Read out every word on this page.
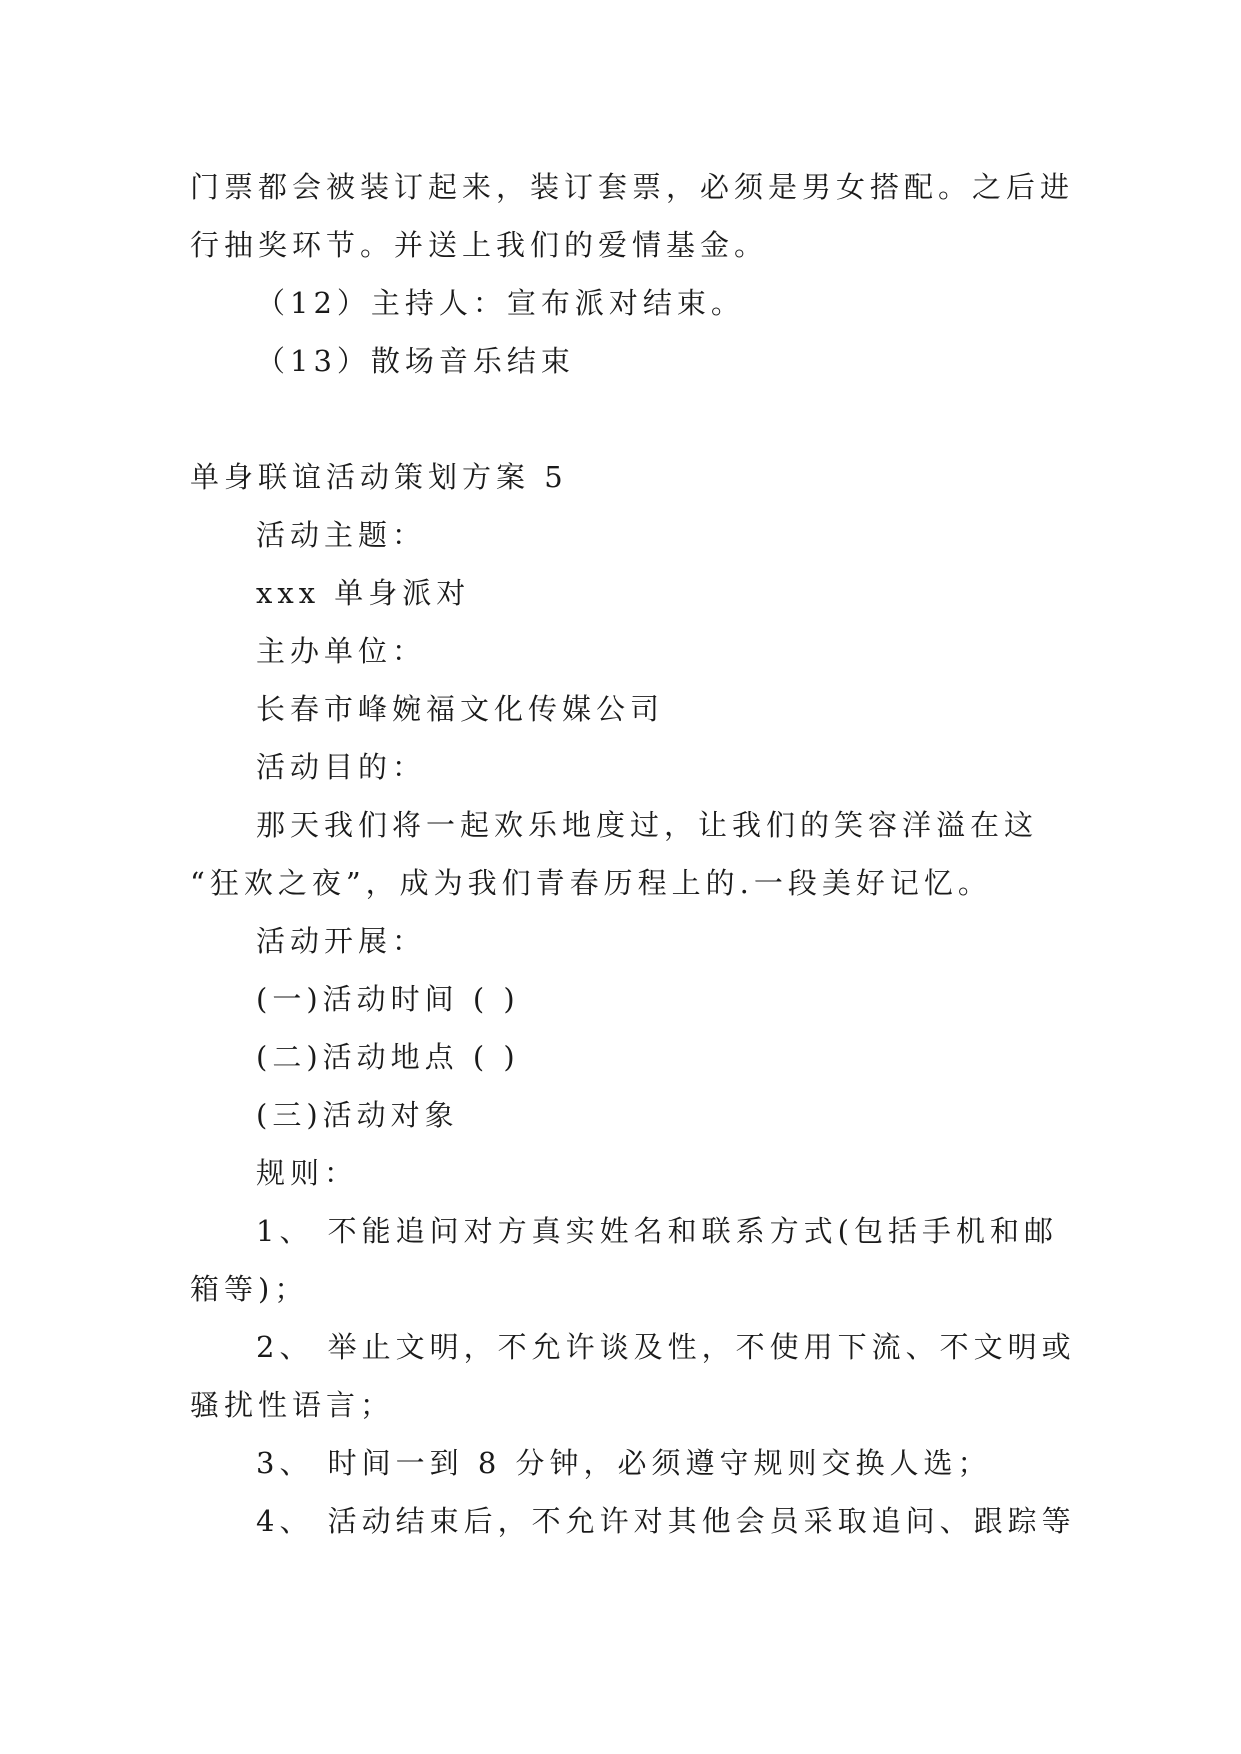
门票都会被装订起来，装订套票，必须是男女搭配。之后进
行抽奖环节。并送上我们的爱情基金。
（12）主持人：宣布派对结束。
（13）散场音乐结束
单身联谊活动策划方案 5
活动主题：
xxx 单身派对
主办单位：
长春市峰婉福文化传媒公司
活动目的：
那天我们将一起欢乐地度过，让我们的笑容洋溢在这
“狂欢之夜”，成为我们青春历程上的.一段美好记忆。
活动开展：
(一)活动时间 ( )
(二)活动地点 ( )
(三)活动对象
规则：
1、 不能追问对方真实姓名和联系方式(包括手机和邮
箱等)；
2、 举止文明，不允许谈及性，不使用下流、不文明或
骚扰性语言；
3、 时间一到 8 分钟，必须遵守规则交换人选；
4、 活动结束后，不允许对其他会员采取追问、跟踪等
